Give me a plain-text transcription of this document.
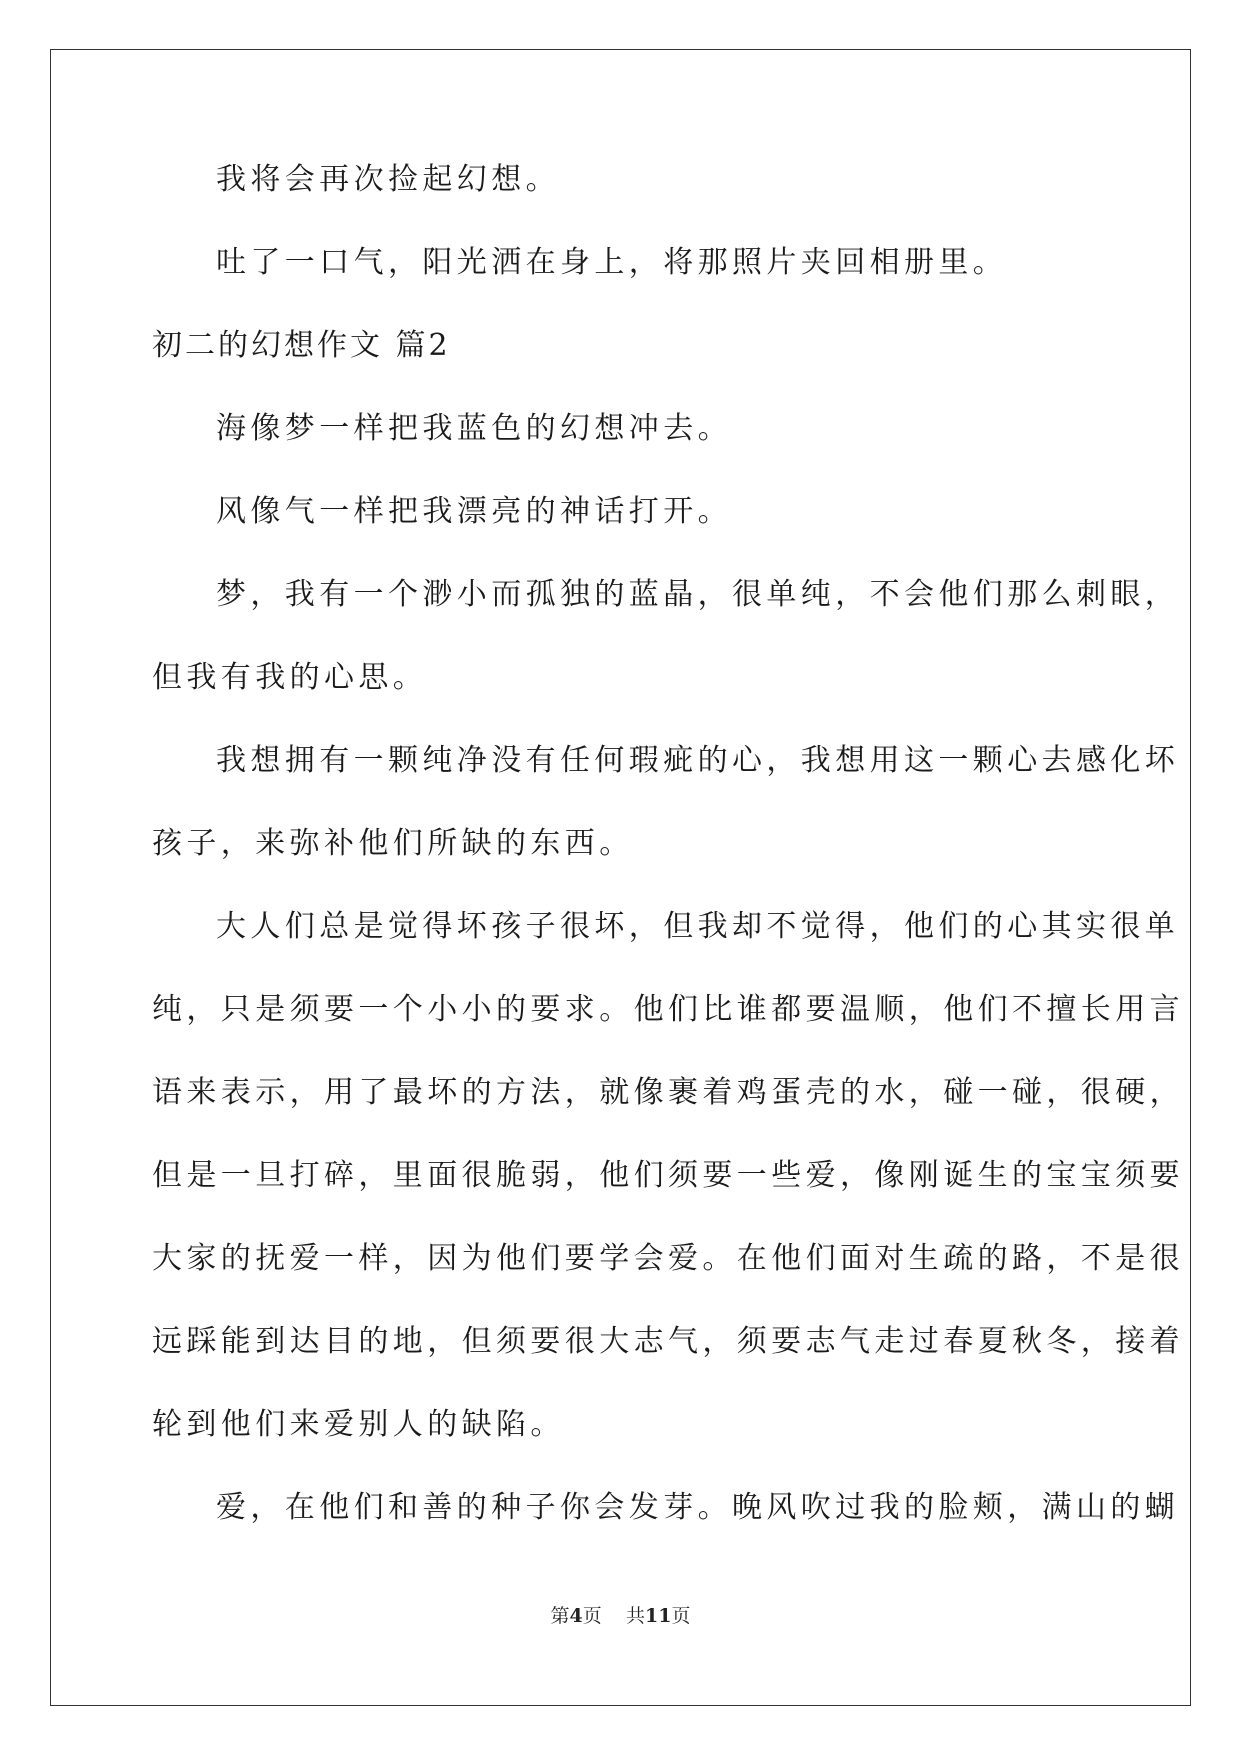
我将会再次捡起幻想。
吐了一口气，阳光洒在身上，将那照片夹回相册里。
初二的幻想作文 篇2
海像梦一样把我蓝色的幻想冲去。
风像气一样把我漂亮的神话打开。
梦，我有一个渺小而孤独的蓝晶，很单纯，不会他们那么刺眼，
但我有我的心思。
我想拥有一颗纯净没有任何瑕疵的心，我想用这一颗心去感化坏
孩子，来弥补他们所缺的东西。
大人们总是觉得坏孩子很坏，但我却不觉得，他们的心其实很单
纯，只是须要一个小小的要求。他们比谁都要温顺，他们不擅长用言
语来表示，用了最坏的方法，就像裹着鸡蛋壳的水，碰一碰，很硬，
但是一旦打碎，里面很脆弱，他们须要一些爱，像刚诞生的宝宝须要
大家的抚爱一样，因为他们要学会爱。在他们面对生疏的路，不是很
远踩能到达目的地，但须要很大志气，须要志气走过春夏秋冬，接着
轮到他们来爱别人的缺陷。
爱，在他们和善的种子你会发芽。晚风吹过我的脸颊，满山的蝴
第4页 共11页
